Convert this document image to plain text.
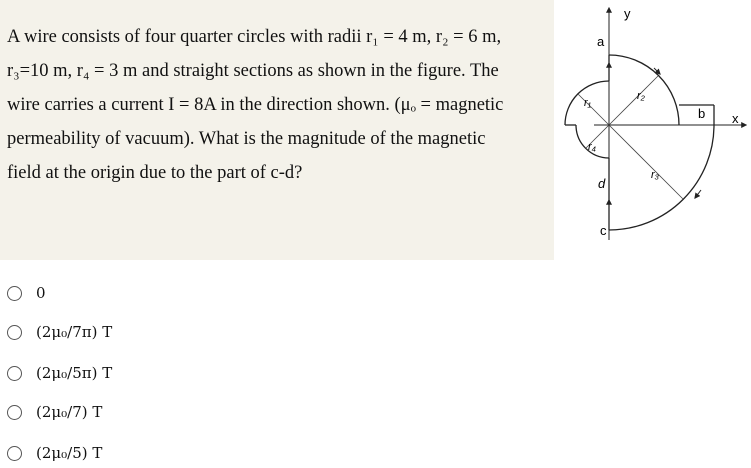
A wire consists of four quarter circles with radii r₁ = 4 m, r₂ = 6 m,
r₃=10 m, r₄ = 3 m and straight sections as shown in the figure. The
wire carries a current I = 8A in the direction shown. (μₒ = magnetic
permeability of vacuum). What is the magnitude of the magnetic
field at the origin due to the part of c-d?

y
x
a
b
c
d
r₁
r₂
r₃
r₄
0
(2μ₀/7π) T
(2μ₀/5π) T
(2μ₀/7) T
(2μ₀/5) T
